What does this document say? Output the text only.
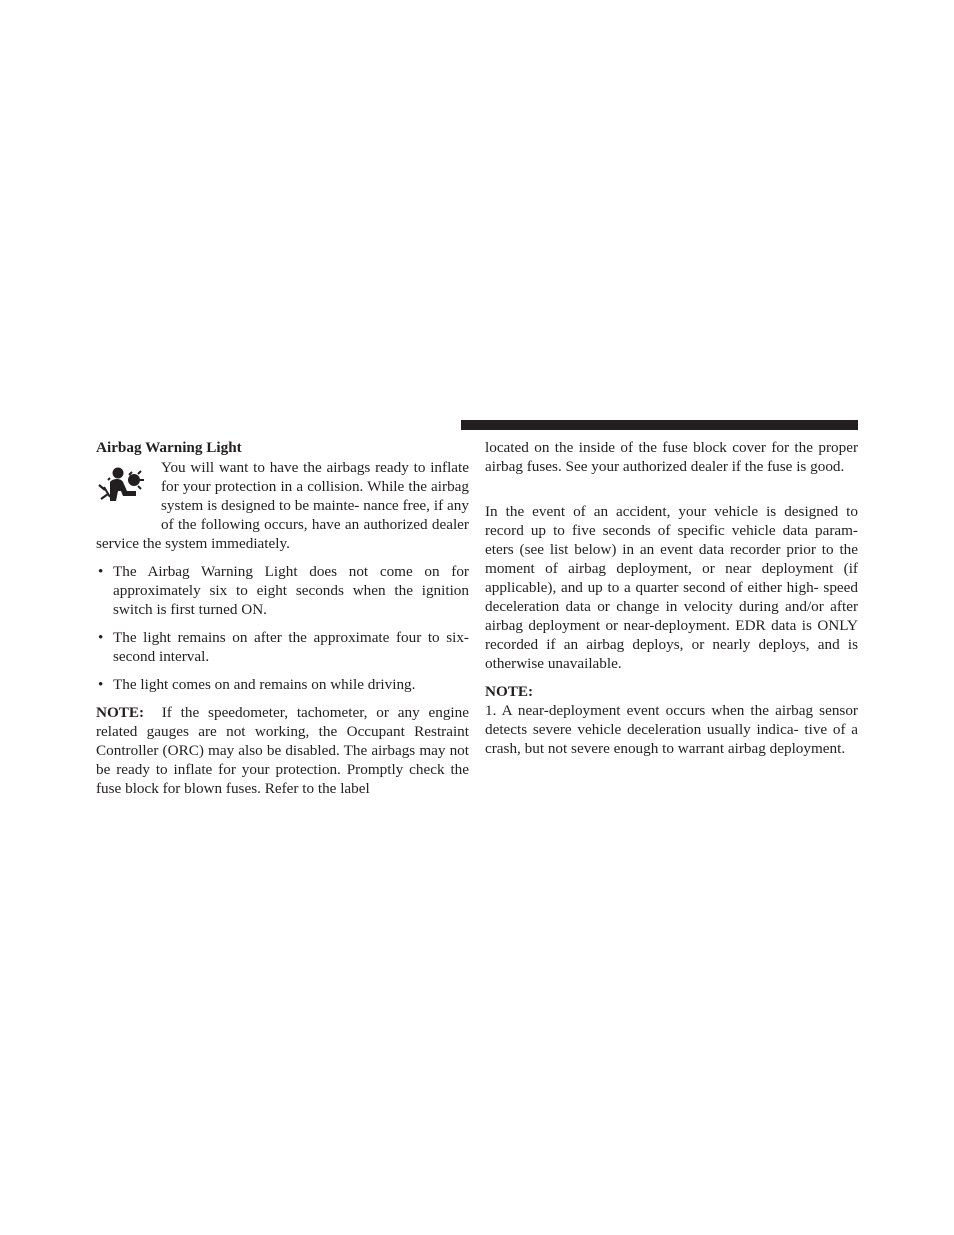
Airbag Warning Light

You will want to have the airbags ready to inflate for your protection in a collision. While the airbag system is designed to be mainte- nance free, if any of the following occurs, have an authorized dealer service the system immediately.

• The Airbag Warning Light does not come on for approximately six to eight seconds when the ignition switch is first turned ON.
• The light remains on after the approximate four to six-second interval.
• The light comes on and remains on while driving.

NOTE: If the speedometer, tachometer, or any engine related gauges are not working, the Occupant Restraint Controller (ORC) may also be disabled. The airbags may not be ready to inflate for your protection. Promptly check the fuse block for blown fuses. Refer to the label

located on the inside of the fuse block cover for the proper airbag fuses. See your authorized dealer if the fuse is good.

In the event of an accident, your vehicle is designed to record up to five seconds of specific vehicle data param- eters (see list below) in an event data recorder prior to the moment of airbag deployment, or near deployment (if applicable), and up to a quarter second of either high- speed deceleration data or change in velocity during and/or after airbag deployment or near-deployment. EDR data is ONLY recorded if an airbag deploys, or nearly deploys, and is otherwise unavailable.

NOTE:

1. A near-deployment event occurs when the airbag sensor detects severe vehicle deceleration usually indica- tive of a crash, but not severe enough to warrant airbag deployment.
